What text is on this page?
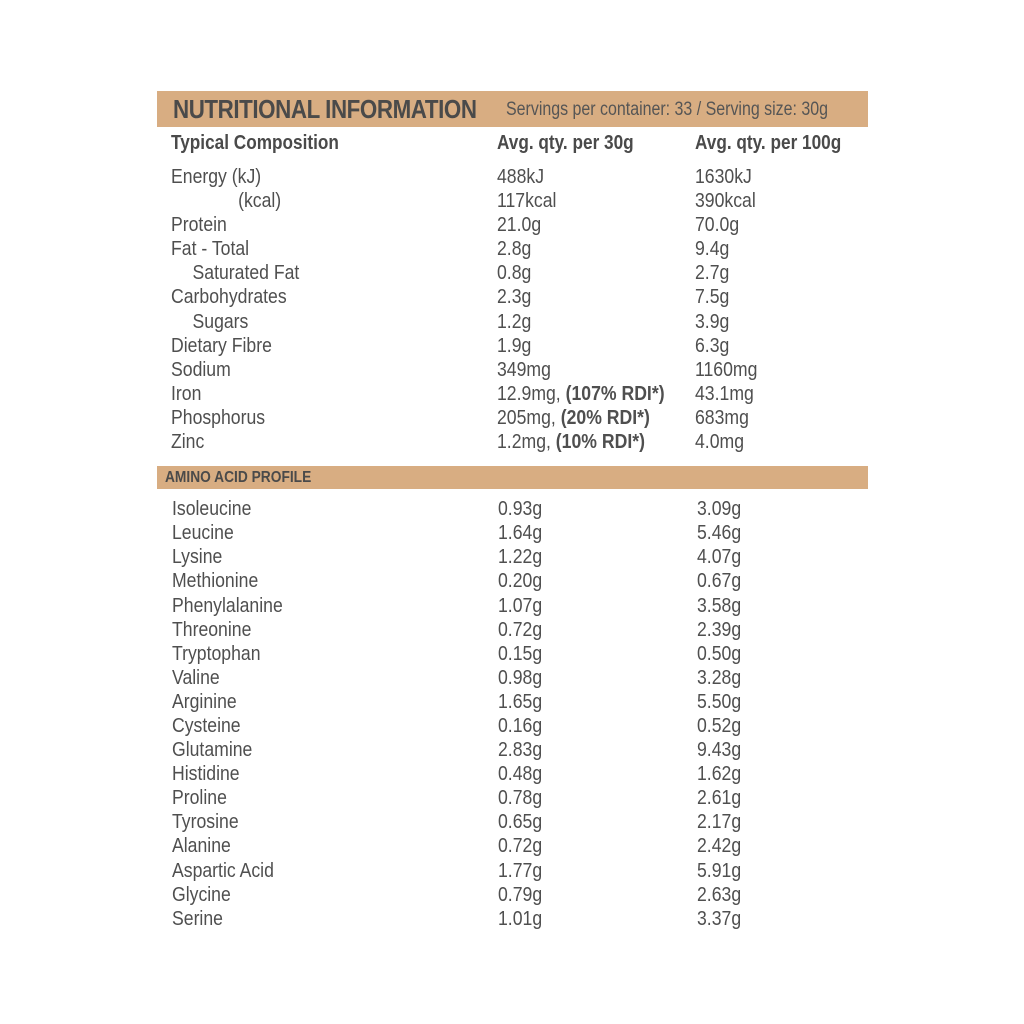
NUTRITIONAL INFORMATION Servings per container: 33 / Serving size: 30g
Typical Composition	Avg. qty. per 30g	Avg. qty. per 100g
Energy (kJ)	488kJ	1630kJ
(kcal)	117kcal	390kcal
Protein	21.0g	70.0g
Fat - Total	2.8g	9.4g
Saturated Fat	0.8g	2.7g
Carbohydrates	2.3g	7.5g
Sugars	1.2g	3.9g
Dietary Fibre	1.9g	6.3g
Sodium	349mg	1160mg
Iron	12.9mg, (107% RDI*) 43.1mg
Phosphorus	205mg, (20% RDI*) 683mg
Zinc	1.2mg, (10% RDI*) 4.0mg
AMINO ACID PROFILE
Isoleucine	0.93g	3.09g
Leucine	1.64g	5.46g
Lysine	1.22g	4.07g
Methionine	0.20g	0.67g
Phenylalanine	1.07g	3.58g
Threonine	0.72g	2.39g
Tryptophan	0.15g	0.50g
Valine	0.98g	3.28g
Arginine	1.65g	5.50g
Cysteine	0.16g	0.52g
Glutamine	2.83g	9.43g
Histidine	0.48g	1.62g
Proline	0.78g	2.61g
Tyrosine	0.65g	2.17g
Alanine	0.72g	2.42g
Aspartic Acid	1.77g	5.91g
Glycine	0.79g	2.63g
Serine	1.01g	3.37g
